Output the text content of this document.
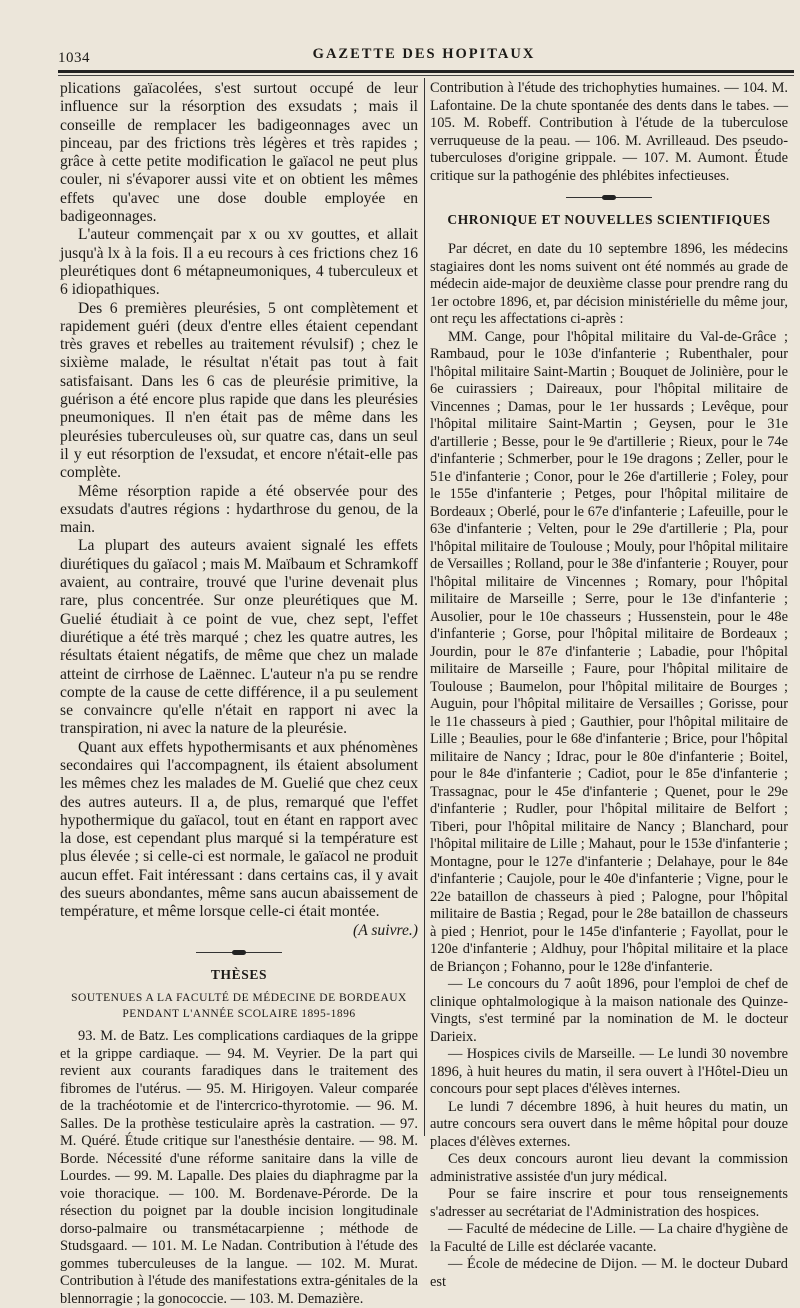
1034	GAZETTE DES HOPITAUX

plications gaïacolées, s'est surtout occupé de leur influence sur la résorption des exsudats ; mais il conseille de remplacer les badigeonnages avec un pinceau, par des frictions très légères et très rapides ; grâce à cette petite modification le gaïacol ne peut plus couler, ni s'évaporer aussi vite et on obtient les mêmes effets qu'avec une dose double employée en badigeonnages.

L'auteur commençait par x ou xv gouttes, et allait jusqu'à lx à la fois. Il a eu recours à ces frictions chez 16 pleurétiques dont 6 métapneumoniques, 4 tuberculeux et 6 idiopathiques.

Des 6 premières pleurésies, 5 ont complètement et rapidement guéri (deux d'entre elles étaient cependant très graves et rebelles au traitement révulsif) ; chez le sixième malade, le résultat n'était pas tout à fait satisfaisant. Dans les 6 cas de pleurésie primitive, la guérison a été encore plus rapide que dans les pleurésies pneumoniques. Il n'en était pas de même dans les pleurésies tuberculeuses où, sur quatre cas, dans un seul il y eut résorption de l'exsudat, et encore n'était-elle pas complète.

Même résorption rapide a été observée pour des exsudats d'autres régions : hydarthrose du genou, de la main.

La plupart des auteurs avaient signalé les effets diurétiques du gaïacol ; mais M. Maïbaum et Schramkoff avaient, au contraire, trouvé que l'urine devenait plus rare, plus concentrée. Sur onze pleurétiques que M. Guelié étudiait à ce point de vue, chez sept, l'effet diurétique a été très marqué ; chez les quatre autres, les résultats étaient négatifs, de même que chez un malade atteint de cirrhose de Laënnec. L'auteur n'a pu se rendre compte de la cause de cette différence, il a pu seulement se convaincre qu'elle n'était en rapport ni avec la transpiration, ni avec la nature de la pleurésie.

Quant aux effets hypothermisants et aux phénomènes secondaires qui l'accompagnent, ils étaient absolument les mêmes chez les malades de M. Guelié que chez ceux des autres auteurs. Il a, de plus, remarqué que l'effet hypothermique du gaïacol, tout en étant en rapport avec la dose, est cependant plus marqué si la température est plus élevée ; si celle-ci est normale, le gaïacol ne produit aucun effet. Fait intéressant : dans certains cas, il y avait des sueurs abondantes, même sans aucun abaissement de température, et même lorsque celle-ci était montée.

(A suivre.)

THÈSES
SOUTENUES A LA FACULTÉ DE MÉDECINE DE BORDEAUX
PENDANT L'ANNÉE SCOLAIRE 1895-1896

93. M. de Batz. Les complications cardiaques de la grippe et la grippe cardiaque. — 94. M. Veyrier. De la part qui revient aux courants faradiques dans le traitement des fibromes de l'utérus. — 95. M. Hirigoyen. Valeur comparée de la trachéotomie et de l'intercrico-thyrotomie. — 96. M. Salles. De la prothèse testiculaire après la castration. — 97. M. Quéré. Étude critique sur l'anesthésie dentaire. — 98. M. Borde. Nécessité d'une réforme sanitaire dans la ville de Lourdes. — 99. M. Lapalle. Des plaies du diaphragme par la voie thoracique. — 100. M. Bordenave-Pérorde. De la résection du poignet par la double incision longitudinale dorso-palmaire ou transmétacarpienne ; méthode de Studsgaard. — 101. M. Le Nadan. Contribution à l'étude des gommes tuberculeuses de la langue. — 102. M. Murat. Contribution à l'étude des manifestations extra-génitales de la blennorragie ; la gonococcie. — 103. M. Demazière.

Contribution à l'étude des trichophyties humaines. — 104. M. Lafontaine. De la chute spontanée des dents dans le tabes. — 105. M. Robeff. Contribution à l'étude de la tuberculose verruqueuse de la peau. — 106. M. Avrilleaud. Des pseudo-tuberculoses d'origine grippale. — 107. M. Aumont. Étude critique sur la pathogénie des phlébites infectieuses.

CHRONIQUE ET NOUVELLES SCIENTIFIQUES

Par décret, en date du 10 septembre 1896, les médecins stagiaires dont les noms suivent ont été nommés au grade de médecin aide-major de deuxième classe pour prendre rang du 1er octobre 1896, et, par décision ministérielle du même jour, ont reçu les affectations ci-après :

MM. Cange, pour l'hôpital militaire du Val-de-Grâce ; Rambaud, pour le 103e d'infanterie ; Rubenthaler, pour l'hôpital militaire Saint-Martin ; Bouquet de Jolinière, pour le 6e cuirassiers ; Daireaux, pour l'hôpital militaire de Vincennes ; Damas, pour le 1er hussards ; Levêque, pour l'hôpital militaire Saint-Martin ; Geysen, pour le 31e d'artillerie ; Besse, pour le 9e d'artillerie ; Rieux, pour le 74e d'infanterie ; Schmerber, pour le 19e dragons ; Zeller, pour le 51e d'infanterie ; Conor, pour le 26e d'artillerie ; Foley, pour le 155e d'infanterie ; Petges, pour l'hôpital militaire de Bordeaux ; Oberlé, pour le 67e d'infanterie ; Lafeuille, pour le 63e d'infanterie ; Velten, pour le 29e d'artillerie ; Pla, pour l'hôpital militaire de Toulouse ; Mouly, pour l'hôpital militaire de Versailles ; Rolland, pour le 38e d'infanterie ; Rouyer, pour l'hôpital militaire de Vincennes ; Romary, pour l'hôpital militaire de Marseille ; Serre, pour le 13e d'infanterie ; Ausolier, pour le 10e chasseurs ; Hussenstein, pour le 48e d'infanterie ; Gorse, pour l'hôpital militaire de Bordeaux ; Jourdin, pour le 87e d'infanterie ; Labadie, pour l'hôpital militaire de Marseille ; Faure, pour l'hôpital militaire de Toulouse ; Baumelon, pour l'hôpital militaire de Bourges ; Auguin, pour l'hôpital militaire de Versailles ; Gorisse, pour le 11e chasseurs à pied ; Gauthier, pour l'hôpital militaire de Lille ; Beaulies, pour le 68e d'infanterie ; Brice, pour l'hôpital militaire de Nancy ; Idrac, pour le 80e d'infanterie ; Boitel, pour le 84e d'infanterie ; Cadiot, pour le 85e d'infanterie ; Trassagnac, pour le 45e d'infanterie ; Quenet, pour le 29e d'infanterie ; Rudler, pour l'hôpital militaire de Belfort ; Tiberi, pour l'hôpital militaire de Nancy ; Blanchard, pour l'hôpital militaire de Lille ; Mahaut, pour le 153e d'infanterie ; Montagne, pour le 127e d'infanterie ; Delahaye, pour le 84e d'infanterie ; Caujole, pour le 40e d'infanterie ; Vigne, pour le 22e bataillon de chasseurs à pied ; Palogne, pour l'hôpital militaire de Bastia ; Regad, pour le 28e bataillon de chasseurs à pied ; Henriot, pour le 145e d'infanterie ; Fayollat, pour le 120e d'infanterie ; Aldhuy, pour l'hôpital militaire et la place de Briançon ; Fohanno, pour le 128e d'infanterie.

— Le concours du 7 août 1896, pour l'emploi de chef de clinique ophtalmologique à la maison nationale des Quinze-Vingts, s'est terminé par la nomination de M. le docteur Darieix.

— Hospices civils de Marseille. — Le lundi 30 novembre 1896, à huit heures du matin, il sera ouvert à l'Hôtel-Dieu un concours pour sept places d'élèves internes.

Le lundi 7 décembre 1896, à huit heures du matin, un autre concours sera ouvert dans le même hôpital pour douze places d'élèves externes.

Ces deux concours auront lieu devant la commission administrative assistée d'un jury médical.

Pour se faire inscrire et pour tous renseignements s'adresser au secrétariat de l'Administration des hospices.

— Faculté de médecine de Lille. — La chaire d'hygiène de la Faculté de Lille est déclarée vacante.

— École de médecine de Dijon. — M. le docteur Dubard est
